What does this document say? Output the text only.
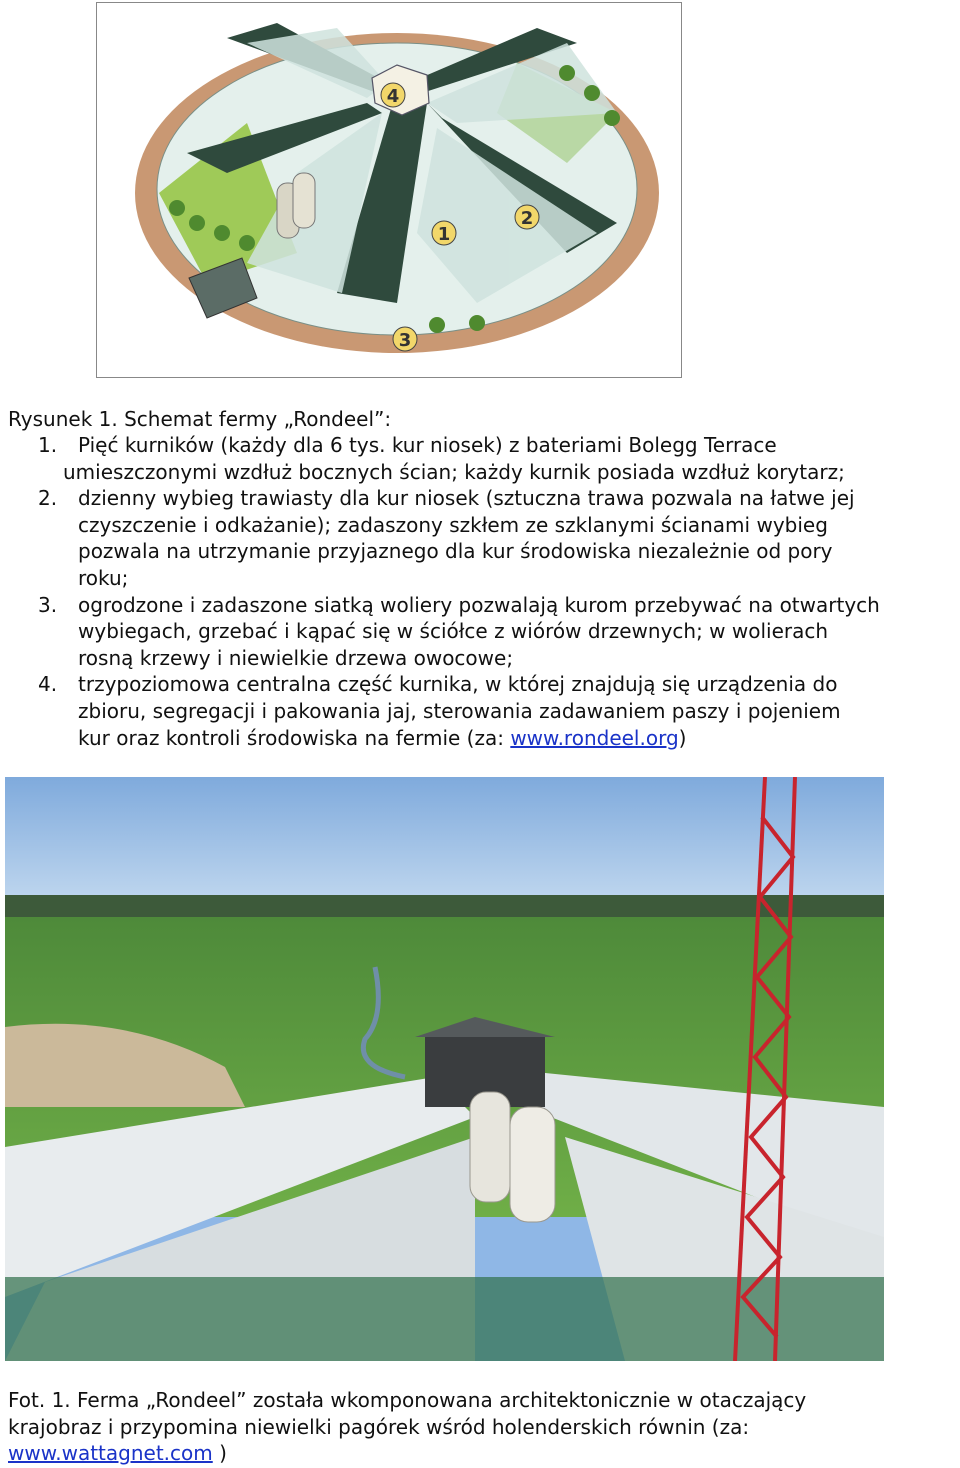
4
1
2
3
Rysunek 1. Schemat fermy „Rondeel”:
1. Pięć kurników (każdy dla 6 tys. kur niosek) z bateriami Bolegg Terrace
umieszczonymi wzdłuż bocznych ścian; każdy kurnik posiada wzdłuż korytarz;
2. dzienny wybieg trawiasty dla kur niosek (sztuczna trawa pozwala na łatwe jej
czyszczenie i odkażanie); zadaszony szkłem ze szklanymi ścianami wybieg
pozwala na utrzymanie przyjaznego dla kur środowiska niezależnie od pory
roku;
3. ogrodzone i zadaszone siatką woliery pozwalają kurom przebywać na otwartych
wybiegach, grzebać i kąpać się w ściółce z wiórów drzewnych; w wolierach
rosną krzewy i niewielkie drzewa owocowe;
4. trzypoziomowa centralna część kurnika, w której znajdują się urządzenia do
zbioru, segregacji i pakowania jaj, sterowania zadawaniem paszy i pojeniem
kur oraz kontroli środowiska na fermie (za: www.rondeel.org)
Fot. 1. Ferma „Rondeel” została wkomponowana architektonicznie w otaczający
krajobraz i przypomina niewielki pagórek wśród holenderskich równin (za:
www.wattagnet.com )
